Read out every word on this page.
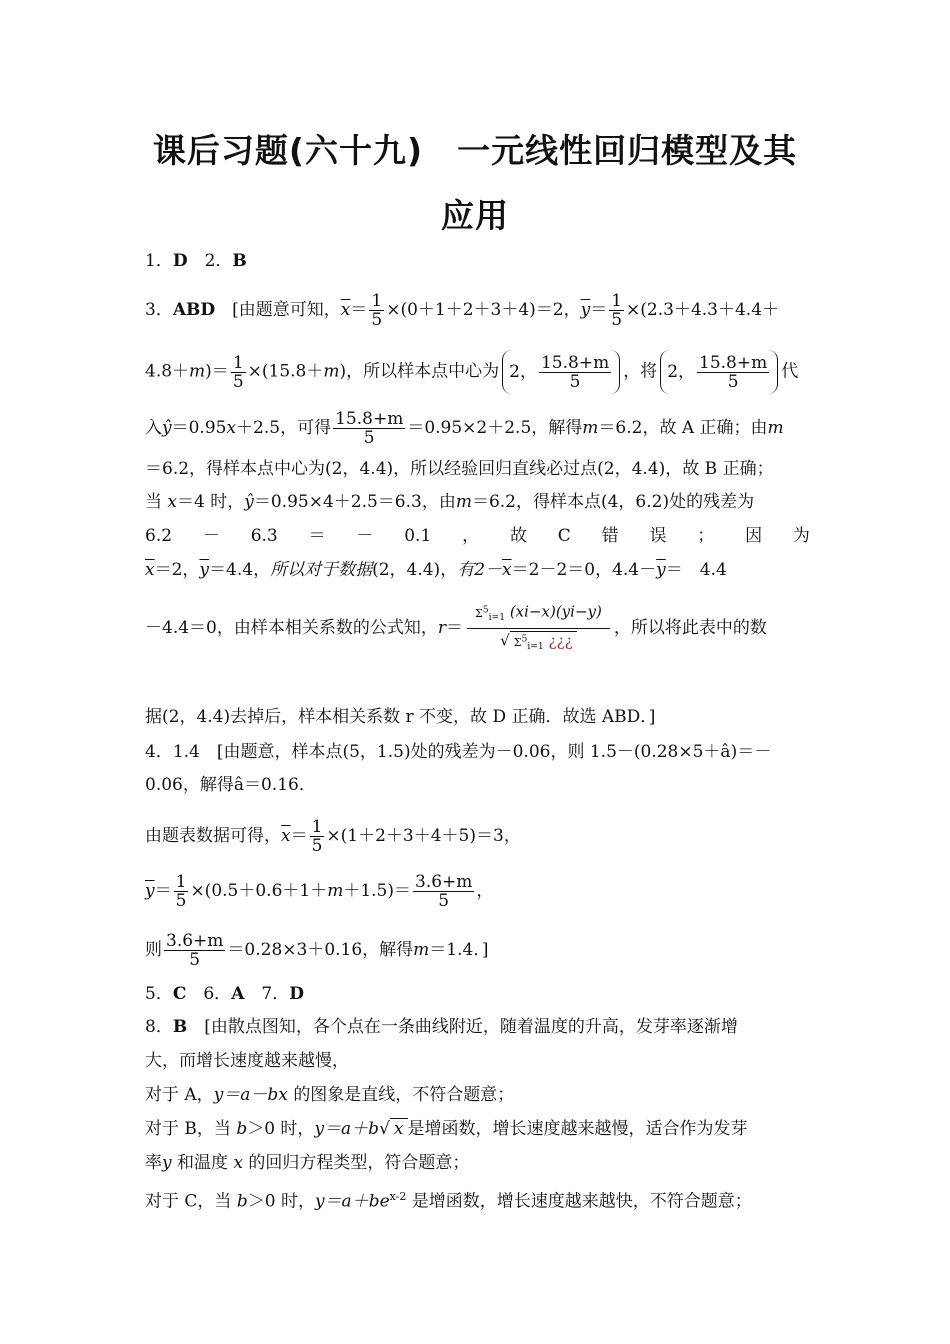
课后习题(六十九)　一元线性回归模型及其
应用
1．D　2．B
3．ABD　[由题意可知，$\overline{x}= \frac{1}{5} \times(0+1+2+3+4)=2$，$\overline{y}= \frac{1}{5} \times(2.3+4.3+4.4+$
$4.8+m)= \frac{1}{5} \times(15.8+m)$，所以样本点中心为 2， $\frac{15.8+m}{5}$ ，将 2， $\frac{15.8+m}{5}$ 代
入ŷ＝0.95x＋2.5，可得 $\frac{15.8+m}{5} =0.95\times 2+2.5$，解得m＝6.2，故 A 正确；由m
＝6.2，得样本点中心为(2，4.4)，所以经验回归直线必过点(2，4.4)，故 B 正确；
当 x＝4 时，ŷ＝0.95×4＋2.5＝6.3，由m＝6.2，得样本点(4，6.2)处的残差为
6.2 － 6.3 ＝ － 0.1 ， 故 C 错 误 ； 因 为
$\overline{x}=2$，$\overline{y}=4.4$，所以对于数据(2，4.4)，有$2-\overline{x}=2-2=0$，$4.4-\overline{y}=$　4.4
－4.4＝0，由样本相关系数的公式知，$r= \frac{\Sigma^5_{i=1} (xi-x)(yi-y)}{√ \Sigma^5_{i=1} ¿¿¿}$ ，所以将此表中的数
据(2，4.4)去掉后，样本相关系数 r 不变，故 D 正确．故选 ABD．]
4．1.4　[由题意，样本点(5，1.5)处的残差为－0.06，则 1.5－(0.28×5＋â)＝－
0.06，解得â＝0.16．
由题表数据可得，$\overline{x}= \frac{1}{5} \times(1+2+3+4+5)=3$，
$\overline{y}= \frac{1}{5} \times(0.5+0.6+1+m+1.5)= \frac{3.6+m}{5}$ ，
则 $\frac{3.6+m}{5} =0.28\times 3+0.16$，解得m＝1.4．]
5．C　6．A　7．D
8．B　[由散点图知，各个点在一条曲线附近，随着温度的升高，发芽率逐渐增
大，而增长速度越来越慢，
对于 A，y＝a－bx 的图象是直线，不符合题意；
对于 B，当 b＞0 时，y＝a＋b√ x 是增函数，增长速度越来越慢，适合作为发芽
率y 和温度 x 的回归方程类型，符合题意；
对于 C，当 b＞0 时，$y=a+be^{x-2}$ 是增函数，增长速度越来越快，不符合题意；
